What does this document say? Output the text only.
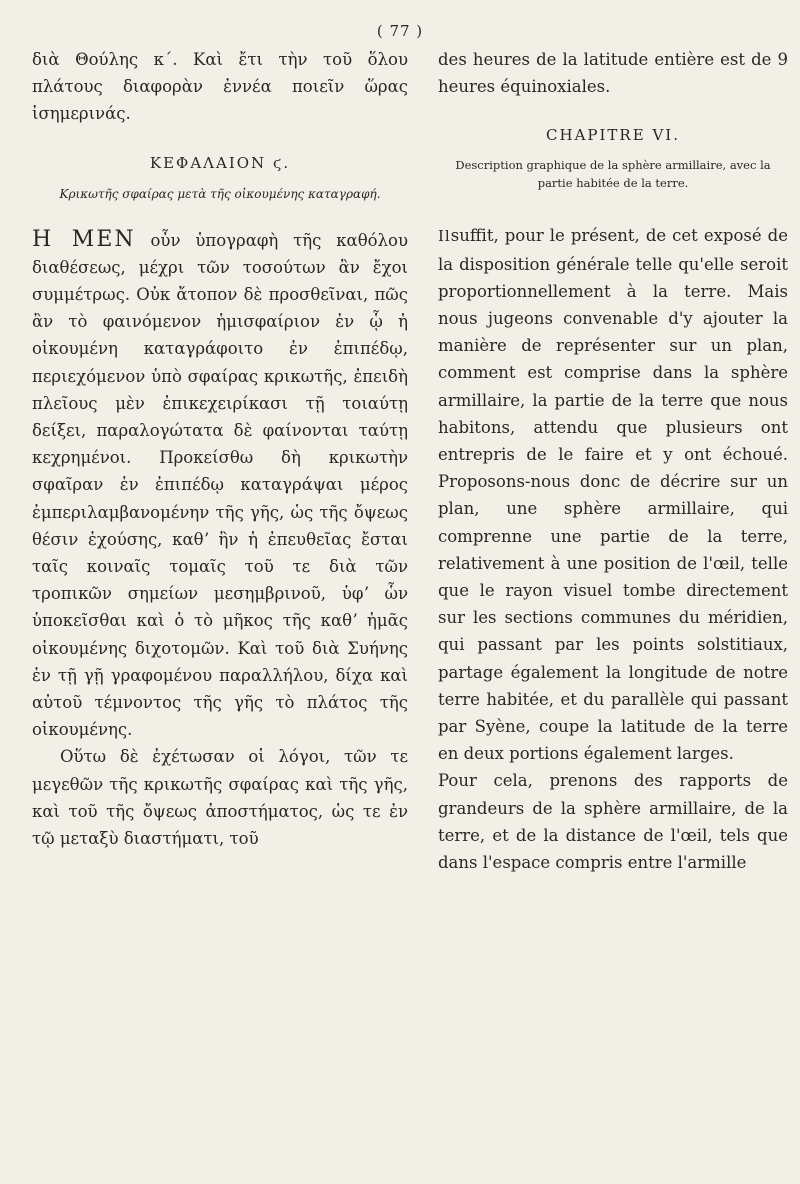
( 77 )

διὰ Θούλης κ΄. Καὶ ἔτι τὴν τοῦ ὅλου πλάτους διαφορὰν ἐννέα ποιεῖν ὥρας ἰσημερινάς.

ΚΕΦΑΛΑΙΟΝ ϛ.
Κρικωτῆς σφαίρας μετὰ τῆς οἰκουμένης καταγραφή.

Η ΜΕΝ οὖν ὑπογραφὴ τῆς καθόλου διαθέσεως, μέχρι τῶν τοσούτων ἂν ἔχοι συμμέτρως. Οὐκ ἄτοπον δὲ προσθεῖναι, πῶς ἂν τὸ φαινόμενον ἡμισφαίριον ἐν ᾧ ἡ οἰκουμένη καταγράφοιτο ἐν ἐπιπέδῳ, περιεχόμενον ὑπὸ σφαίρας κρικωτῆς, ἐπειδὴ πλεῖους μὲν ἐπικεχειρίκασι τῇ τοιαύτῃ δείξει, παραλογώτατα δὲ φαίνονται ταύτῃ κεχρημένοι. Προκείσθω δὴ κρικωτὴν σφαῖραν ἐν ἐπιπέδῳ καταγράψαι μέρος ἐμπεριλαμβανομένην τῆς γῆς, ὡς τῆς ὄψεως θέσιν ἐχούσης, καθʼ ἣν ἡ ἐπευθεῖας ἔσται ταῖς κοιναῖς τομαῖς τοῦ τε διὰ τῶν τροπικῶν σημείων μεσημβρινοῦ, ὑφʼ ὧν ὑποκεῖσθαι καὶ ὁ τὸ μῆκος τῆς καθʼ ἡμᾶς οἰκουμένης διχοτομῶν. Καὶ τοῦ διὰ Συήνης ἐν τῇ γῇ γραφομένου παραλλήλου, δίχα καὶ αὐτοῦ τέμνοντος τῆς γῆς τὸ πλάτος τῆς οἰκουμένης.

Οὕτω δὲ ἐχέτωσαν οἱ λόγοι, τῶν τε μεγεθῶν τῆς κρικωτῆς σφαίρας καὶ τῆς γῆς, καὶ τοῦ τῆς ὄψεως ἀποστήματος, ὡς τε ἐν τῷ μεταξὺ διαστήματι, τοῦ

des heures de la latitude entière est de 9 heures équinoxiales.

CHAPITRE VI.
Description graphique de la sphère armillaire, avec la partie habitée de la terre.

Ilsuffit, pour le présent, de cet exposé de la disposition générale telle qu'elle seroit proportionnellement à la terre. Mais nous jugeons convenable d'y ajouter la manière de représenter sur un plan, comment est comprise dans la sphère armillaire, la partie de la terre que nous habitons, attendu que plusieurs ont entrepris de le faire et y ont échoué. Proposons-nous donc de décrire sur un plan, une sphère armillaire, qui comprenne une partie de la terre, relativement à une position de l'œil, telle que le rayon visuel tombe directement sur les sections communes du méridien, qui passant par les points solstitiaux, partage également la longitude de notre terre habitée, et du parallèle qui passant par Syène, coupe la latitude de la terre en deux portions également larges.

Pour cela, prenons des rapports de grandeurs de la sphère armillaire, de la terre, et de la distance de l'œil, tels que dans l'espace compris entre l'armille
